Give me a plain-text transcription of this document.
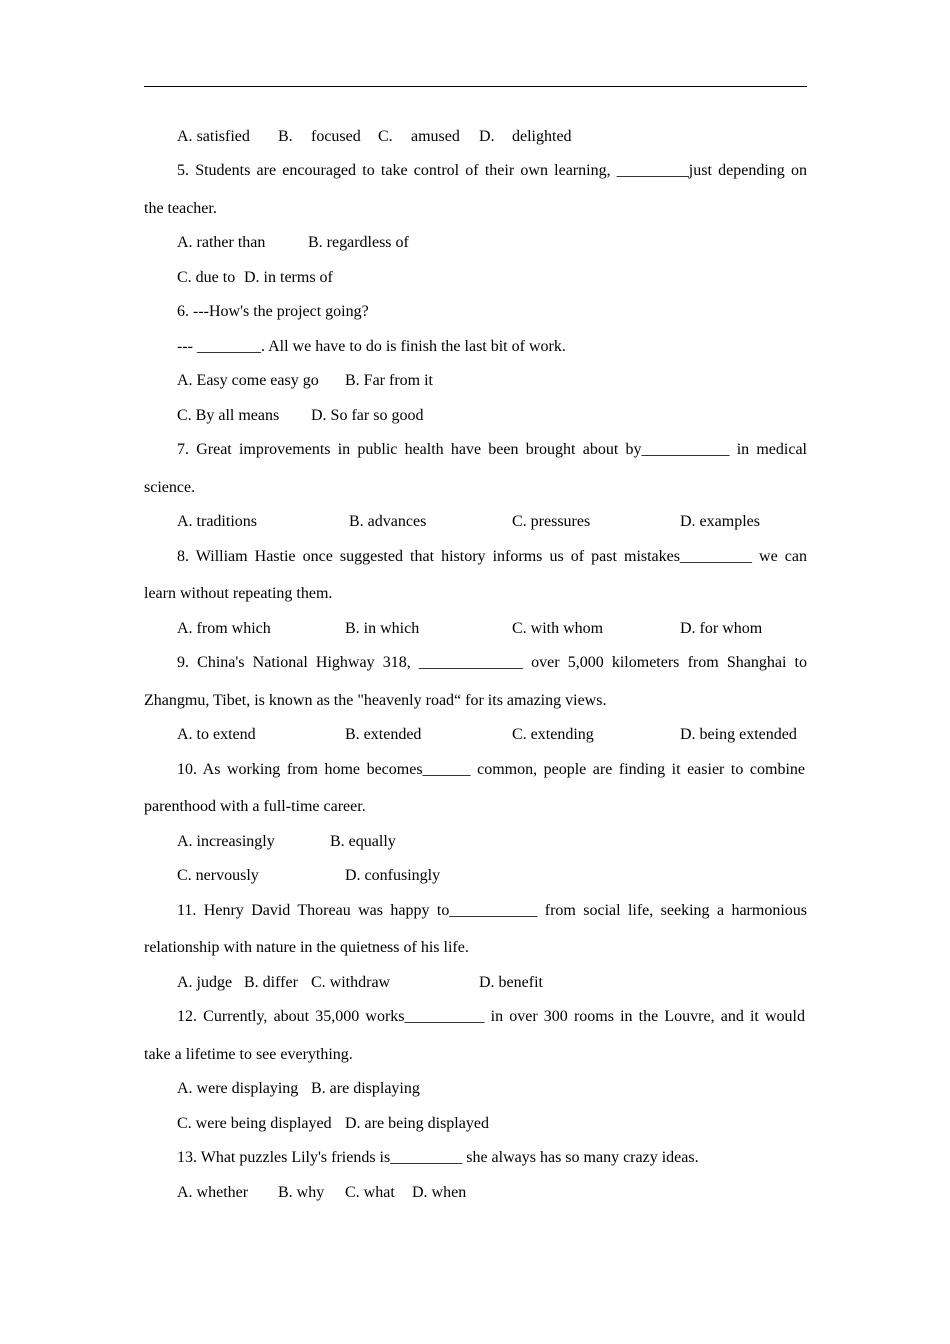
A. satisfied B. focused C. amused D. delighted
5. Students are encouraged to take control of their own learning, _________just depending on
the teacher.
A. rather than	B. regardless of
C. due to D. in terms of
6. ---How's the project going?
--- ________. All we have to do is finish the last bit of work.
A. Easy come easy go B. Far from it
C. By all means D. So far so good
7. Great improvements in public health have been brought about by___________ in medical
science.
A. traditions	B. advances	C. pressures	D. examples
8. William Hastie once suggested that history informs us of past mistakes_________ we can
learn without repeating them.
A. from which	B. in which	C. with whom	D. for whom
9. China's National Highway 318, _____________ over 5,000 kilometers from Shanghai to
Zhangmu, Tibet, is known as the "heavenly road“ for its amazing views.
A. to extend	B. extended	C. extending	D. being extended
10. As working from home becomes______ common, people are finding it easier to combine
parenthood with a full-time career.
A. increasingly	B. equally
C. nervously	D. confusingly
11. Henry David Thoreau was happy to___________ from social life, seeking a harmonious
relationship with nature in the quietness of his life.
A. judge B. differ C. withdraw	D. benefit
12. Currently, about 35,000 works__________ in over 300 rooms in the Louvre, and it would
take a lifetime to see everything.
A. were displaying B. are displaying
C. were being displayed D. are being displayed
13. What puzzles Lily's friends is_________ she always has so many crazy ideas.
A. whether B. why C. what D. when
